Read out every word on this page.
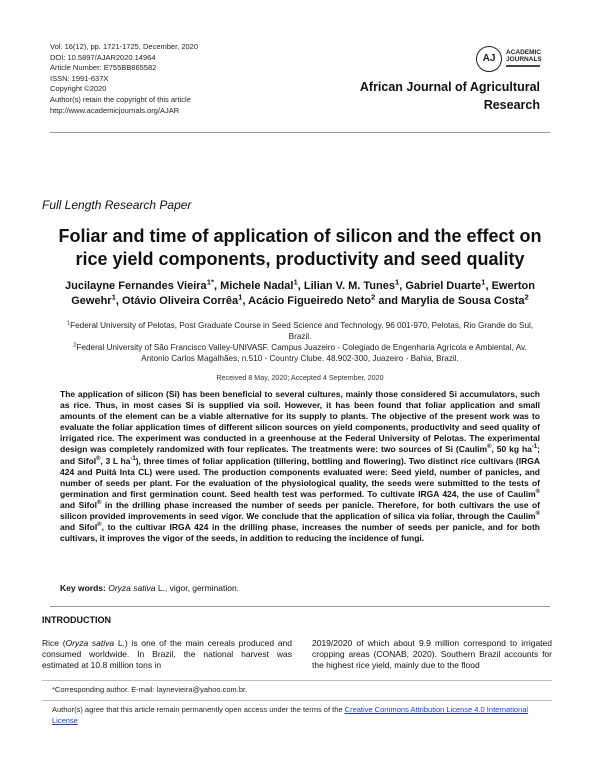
Vol. 16(12), pp. 1721-1725, December, 2020
DOI: 10.5897/AJAR2020.14964
Article Number: E755BB865582
ISSN: 1991-637X
Copyright ©2020
Author(s) retain the copyright of this article
http://www.academicjournals.org/AJAR
AJ
ACADEMIC
JOURNALS
African Journal of Agricultural
Research
Full Length Research Paper
Foliar and time of application of silicon and the effect on rice yield components, productivity and seed quality
Jucilayne Fernandes Vieira$^{1*}$, Michele Nadal$^1$, Lilian V. M. Tunes$^1$, Gabriel Duarte$^1$, Ewerton Gewehr$^1$, Otávio Oliveira Corrêa$^1$, Acácio Figueiredo Neto$^2$ and Marylia de Sousa Costa$^2$
$^1$Federal University of Pelotas, Post Graduate Course in Seed Science and Technology. 96 001-970, Pelotas, Rio Grande do Sul, Brazil.
$^2$Federal University of São Francisco Valley-UNIVASF. Campus Juazeiro - Colegiado de Engenharia Agrícola e Ambiental, Av. Antonio Carlos Magalhães, n.510 - Country Clube. 48.902-300, Juazeiro - Bahia, Brazil.
Received 8 May, 2020; Accepted 4 September, 2020
The application of silicon (Si) has been beneficial to several cultures, mainly those considered Si accumulators, such as rice. Thus, in most cases Si is supplied via soil. However, it has been found that foliar application and small amounts of the element can be a viable alternative for its supply to plants. The objective of the present work was to evaluate the foliar application times of different silicon sources on yield components, productivity and seed quality of irrigated rice. The experiment was conducted in a greenhouse at the Federal University of Pelotas. The experimental design was completely randomized with four replicates. The treatments were: two sources of Si (Caulim®, 50 kg $ha^{-1}$; and Sifol®, 3 L $ha^{-1}$), three times of foliar application (tillering, bottling and flowering). Two distinct rice cultivars (IRGA 424 and Puitá Inta CL) were used. The production components evaluated were: Seed yield, number of panicles, and number of seeds per plant. For the evaluation of the physiological quality, the seeds were submitted to the tests of germination and first germination count. Seed health test was performed. To cultivate IRGA 424, the use of Caulim® and Sifol® in the drilling phase increased the number of seeds per panicle. Therefore, for both cultivars the use of silicon provided improvements in seed vigor. We conclude that the application of silica via foliar, through the Caulim® and Sifol®, to the cultivar IRGA 424 in the drilling phase, increases the number of seeds per panicle, and for both cultivars, it improves the vigor of the seeds, in addition to reducing the incidence of fungi.
Key words: Oryza sativa L., vigor, germination.
INTRODUCTION
Rice (Oryza sativa L.) is one of the main cereals produced and consumed worldwide. In Brazil, the national harvest was estimated at 10.8 million tons in
2019/2020 of which about 9.9 million correspond to irrigated cropping areas (CONAB, 2020). Southern Brazil accounts for the highest rice yield, mainly due to the flood
*Corresponding author. E-mail: laynevieira@yahoo.com.br.
Author(s) agree that this article remain permanently open access under the terms of the Creative Commons Attribution License 4.0 International License
